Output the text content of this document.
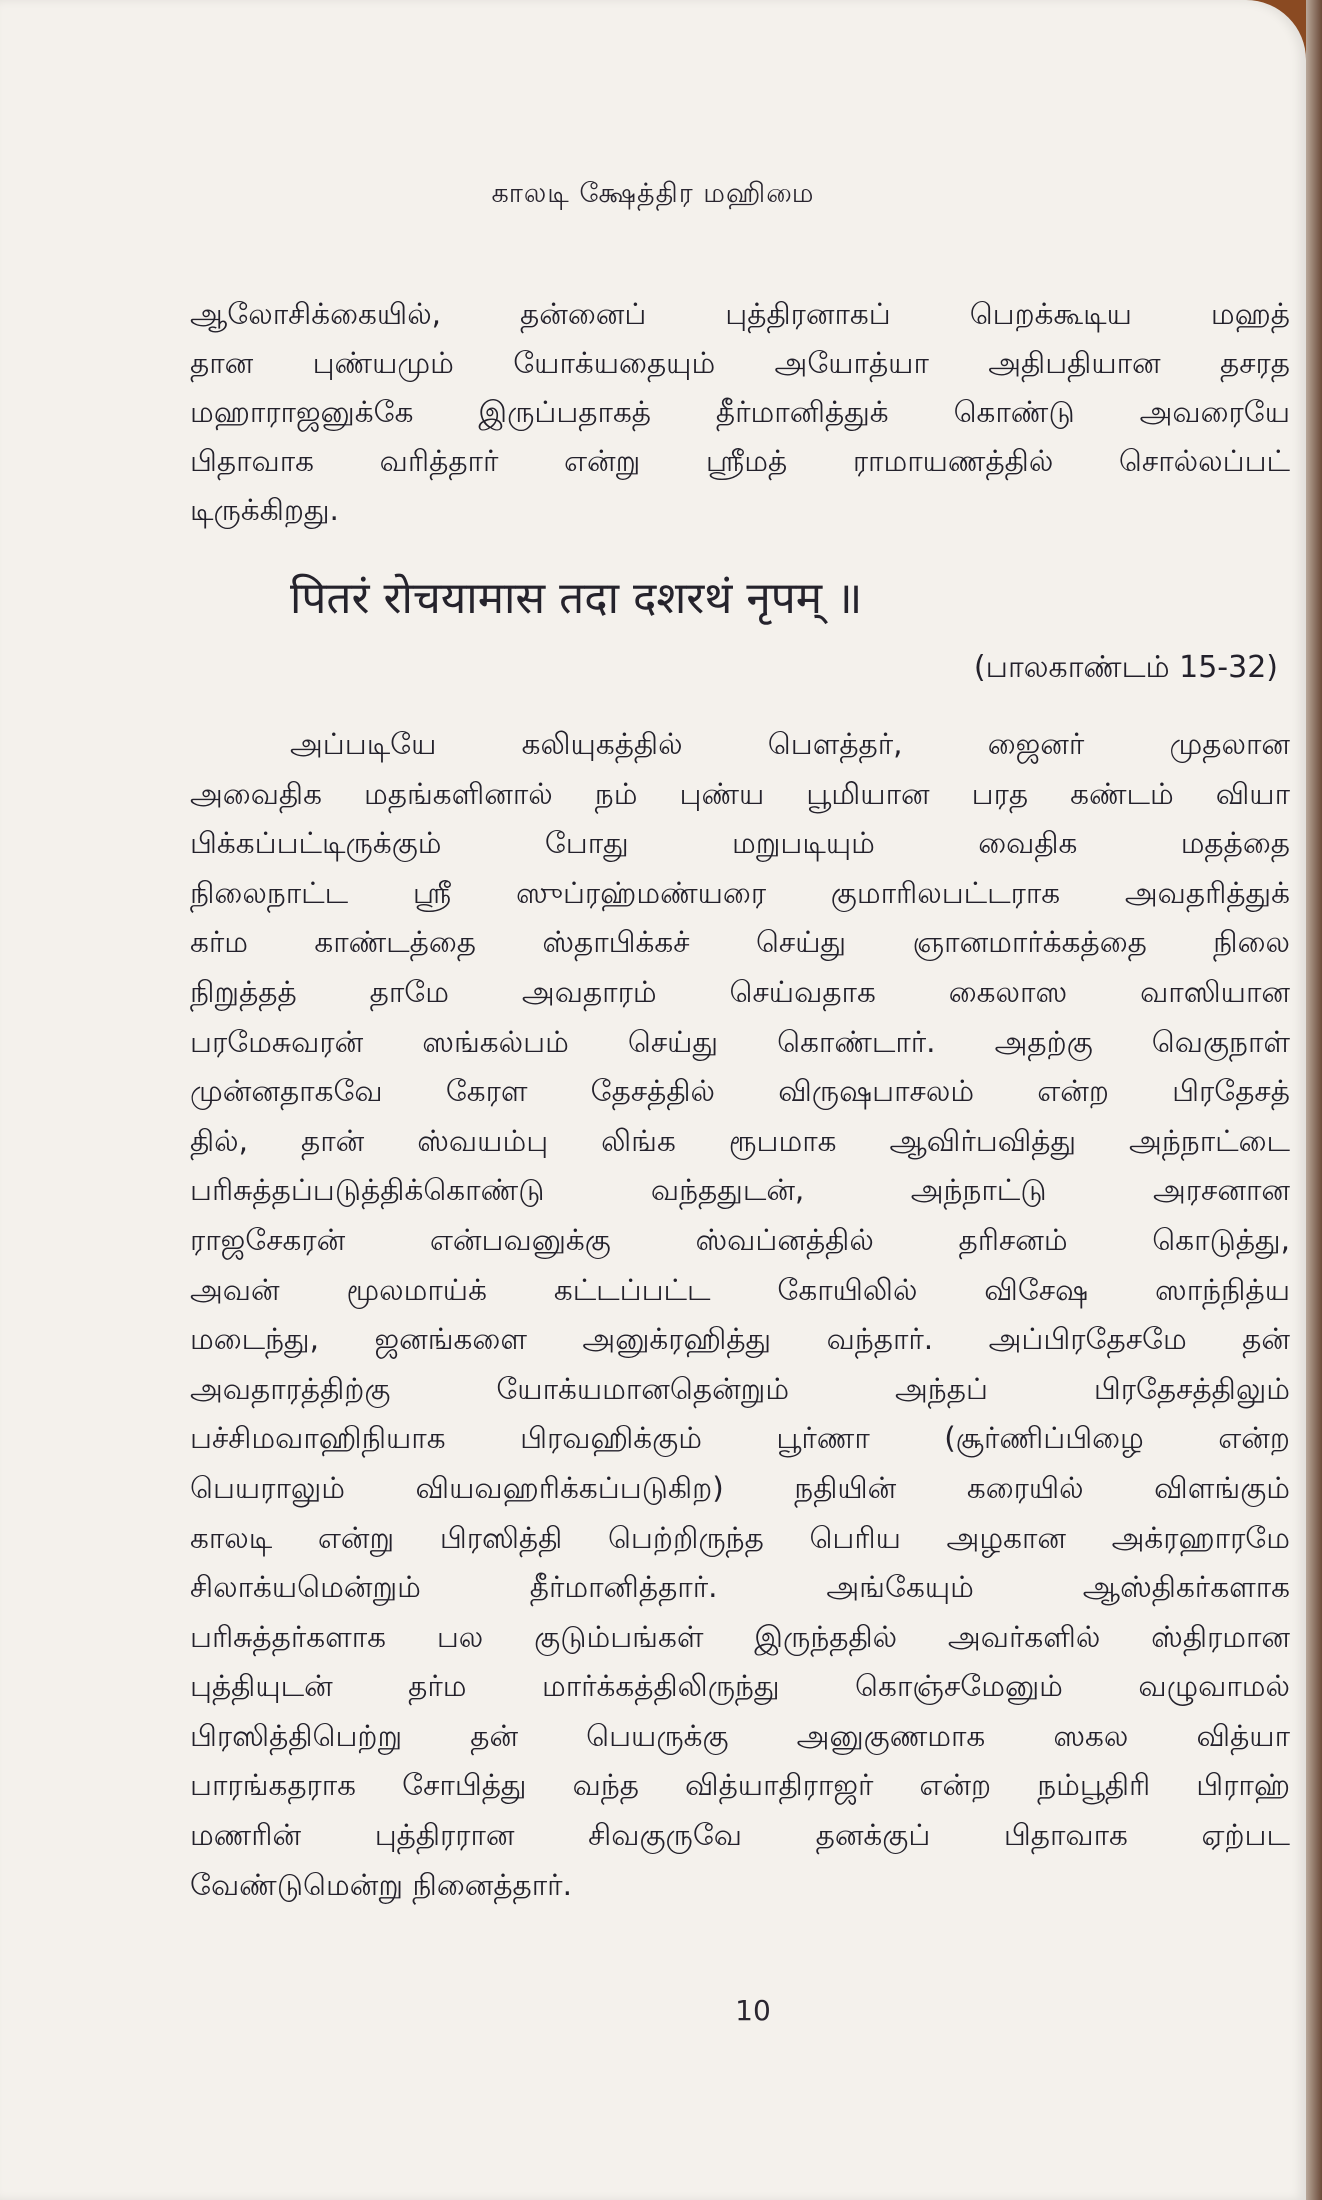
காலடி க்ஷேத்திர மஹிமை
ஆலோசிக்கையில், தன்னைப் புத்திரனாகப் பெறக்கூடிய மஹத்
தான புண்யமும் யோக்யதையும் அயோத்யா அதிபதியான தசரத
மஹாராஜனுக்கே இருப்பதாகத் தீர்மானித்துக் கொண்டு அவரையே
பிதாவாக வரித்தார் என்று ஸ்ரீமத் ராமாயணத்தில் சொல்லப்பட்
டிருக்கிறது.
पितरं रोचयामास तदा दशरथं नृपम् ॥
(பாலகாண்டம் 15-32)
அப்படியே கலியுகத்தில் பௌத்தர், ஜைனர் முதலான
அவைதிக மதங்களினால் நம் புண்ய பூமியான பரத கண்டம் வியா
பிக்கப்பட்டிருக்கும் போது மறுபடியும் வைதிக மதத்தை
நிலைநாட்ட ஸ்ரீ ஸுப்ரஹ்மண்யரை குமாரிலபட்டராக அவதரித்துக்
கர்ம காண்டத்தை ஸ்தாபிக்கச் செய்து ஞானமார்க்கத்தை நிலை
நிறுத்தத் தாமே அவதாரம் செய்வதாக கைலாஸ வாஸியான
பரமேசுவரன் ஸங்கல்பம் செய்து கொண்டார். அதற்கு வெகுநாள்
முன்னதாகவே கேரள தேசத்தில் விருஷபாசலம் என்ற பிரதேசத்
தில், தான் ஸ்வயம்பு லிங்க ரூபமாக ஆவிர்பவித்து அந்நாட்டை
பரிசுத்தப்படுத்திக்கொண்டு வந்ததுடன், அந்நாட்டு அரசனான
ராஜசேகரன் என்பவனுக்கு ஸ்வப்னத்தில் தரிசனம் கொடுத்து,
அவன் மூலமாய்க் கட்டப்பட்ட கோயிலில் விசேஷ ஸாந்நித்ய
மடைந்து, ஜனங்களை அனுக்ரஹித்து வந்தார். அப்பிரதேசமே தன்
அவதாரத்திற்கு யோக்யமானதென்றும் அந்தப் பிரதேசத்திலும்
பச்சிமவாஹிநியாக பிரவஹிக்கும் பூர்ணா (சூர்ணிப்பிழை என்ற
பெயராலும் வியவஹரிக்கப்படுகிற) நதியின் கரையில் விளங்கும்
காலடி என்று பிரஸித்தி பெற்றிருந்த பெரிய அழகான அக்ரஹாரமே
சிலாக்யமென்றும் தீர்மானித்தார். அங்கேயும் ஆஸ்திகர்களாக
பரிசுத்தர்களாக பல குடும்பங்கள் இருந்ததில் அவர்களில் ஸ்திரமான
புத்தியுடன் தர்ம மார்க்கத்திலிருந்து கொஞ்சமேனும் வழுவாமல்
பிரஸித்திபெற்று தன் பெயருக்கு அனுகுணமாக ஸகல வித்யா
பாரங்கதராக சோபித்து வந்த வித்யாதிராஜர் என்ற நம்பூதிரி பிராஹ்
மணரின் புத்திரரான சிவகுருவே தனக்குப் பிதாவாக ஏற்பட
வேண்டுமென்று நினைத்தார்.
10
